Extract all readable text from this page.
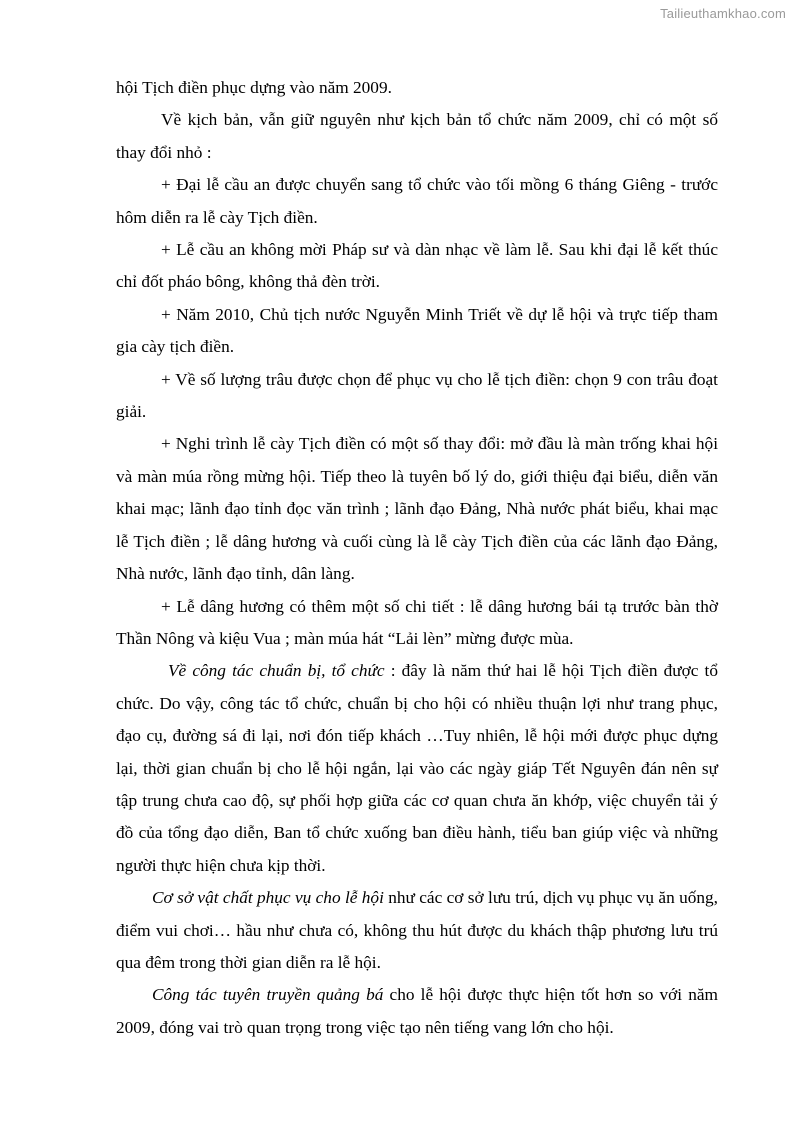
Tailieuthamkhao.com

hội Tịch điền phục dựng vào năm 2009.

Về kịch bản, vẫn giữ nguyên như kịch bản tổ chức năm 2009, chỉ có một số thay đổi nhỏ :

+ Đại lễ cầu an được chuyển sang tổ chức vào tối mồng 6 tháng Giêng - trước hôm diễn ra lễ cày Tịch điền.

+ Lễ cầu an không mời Pháp sư và dàn nhạc về làm lễ. Sau khi đại lễ kết thúc chỉ đốt pháo bông, không thả đèn trời.

+ Năm 2010, Chủ tịch nước Nguyễn Minh Triết về dự lễ hội và trực tiếp tham gia cày tịch điền.

+ Về số lượng trâu được chọn để phục vụ cho lễ tịch điền: chọn 9 con trâu đoạt giải.

+ Nghi trình lễ cày Tịch điền có một số thay đổi: mở đầu là màn trống khai hội và màn múa rồng mừng hội. Tiếp theo là tuyên bố lý do, giới thiệu đại biểu, diễn văn khai mạc; lãnh đạo tỉnh đọc văn trình ; lãnh đạo Đảng, Nhà nước phát biểu, khai mạc lễ Tịch điền ; lễ dâng hương và cuối cùng là lễ cày Tịch điền của các lãnh đạo Đảng, Nhà nước, lãnh đạo tỉnh, dân làng.

+ Lễ dâng hương có thêm một số chi tiết : lễ dâng hương bái tạ trước bàn thờ Thần Nông và kiệu Vua ; màn múa hát “Lải lèn” mừng được mùa.

Về công tác chuẩn bị, tổ chức : đây là năm thứ hai lễ hội Tịch điền được tổ chức. Do vậy, công tác tổ chức, chuẩn bị cho hội có nhiều thuận lợi như trang phục, đạo cụ, đường sá đi lại, nơi đón tiếp khách …Tuy nhiên, lễ hội mới được phục dựng lại, thời gian chuẩn bị cho lễ hội ngắn, lại vào các ngày giáp Tết Nguyên đán nên sự tập trung chưa cao độ, sự phối hợp giữa các cơ quan chưa ăn khớp, việc chuyển tải ý đồ của tổng đạo diễn, Ban tổ chức xuống ban điều hành, tiểu ban giúp việc và những người thực hiện chưa kịp thời.

Cơ sở vật chất phục vụ cho lễ hội như các cơ sở lưu trú, dịch vụ phục vụ ăn uống, điểm vui chơi… hầu như chưa có, không thu hút được du khách thập phương lưu trú qua đêm trong thời gian diễn ra lễ hội.

Công tác tuyên truyền quảng bá cho lễ hội được thực hiện tốt hơn so với năm 2009, đóng vai trò quan trọng trong việc tạo nên tiếng vang lớn cho hội.
